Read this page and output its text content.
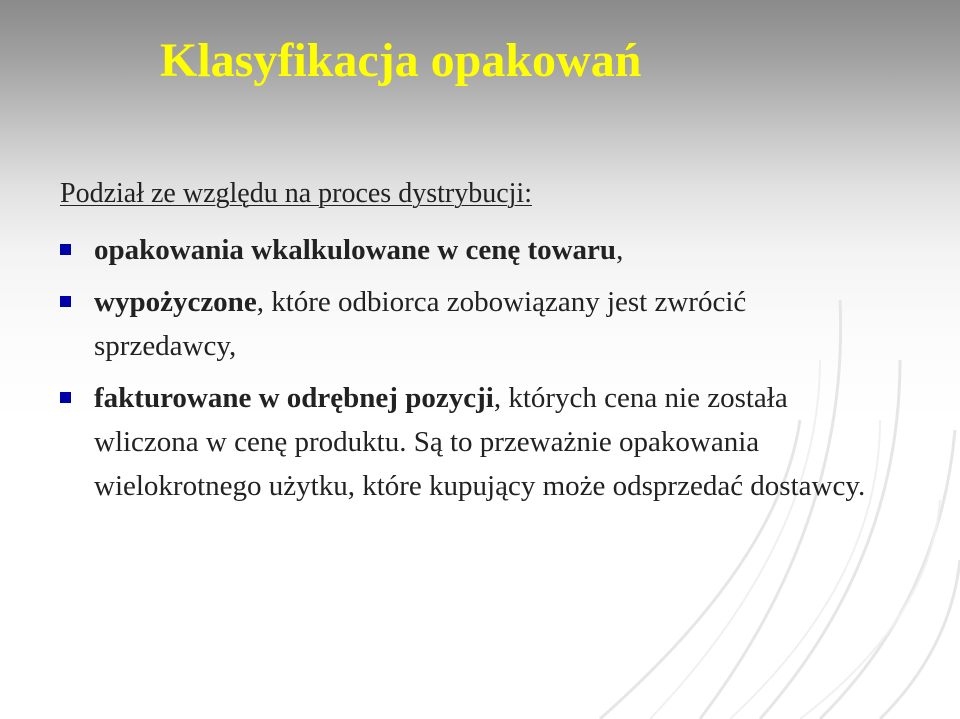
Klasyfikacja opakowań

Podział ze względu na proces dystrybucji:

opakowania wkalkulowane w cenę towaru,
wypożyczone, które odbiorca zobowiązany jest zwrócić sprzedawcy,
fakturowane w odrębnej pozycji, których cena nie została wliczona w cenę produktu. Są to przeważnie opakowania wielokrotnego użytku, które kupujący może odsprzedać dostawcy.
